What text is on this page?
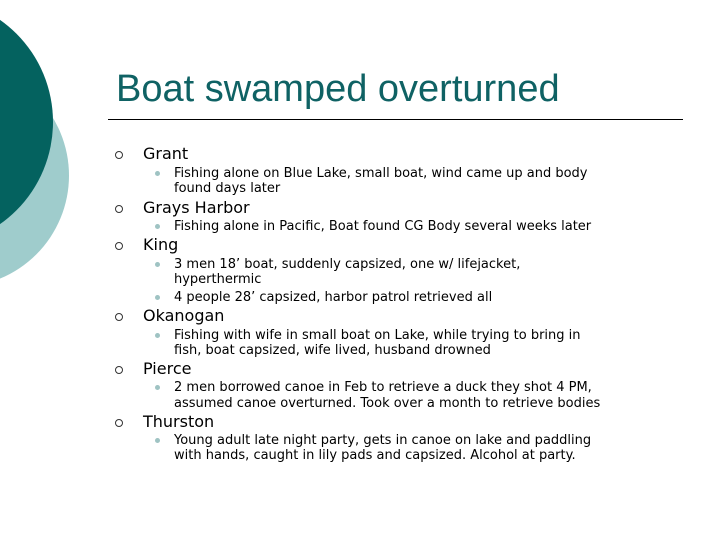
Boat swamped overturned
Grant
Fishing alone on Blue Lake, small boat, wind came up and body
found days later
Grays Harbor
Fishing alone in Pacific, Boat found CG Body several weeks later
King
3 men 18’ boat, suddenly capsized, one w/ lifejacket,
hyperthermic
4 people 28’ capsized, harbor patrol retrieved all
Okanogan
Fishing with wife in small boat on Lake, while trying to bring in
fish, boat capsized, wife lived, husband drowned
Pierce
2 men borrowed canoe in Feb to retrieve a duck they shot 4 PM,
assumed canoe overturned. Took over a month to retrieve bodies
Thurston
Young adult late night party, gets in canoe on lake and paddling
with hands, caught in lily pads and capsized. Alcohol at party.
